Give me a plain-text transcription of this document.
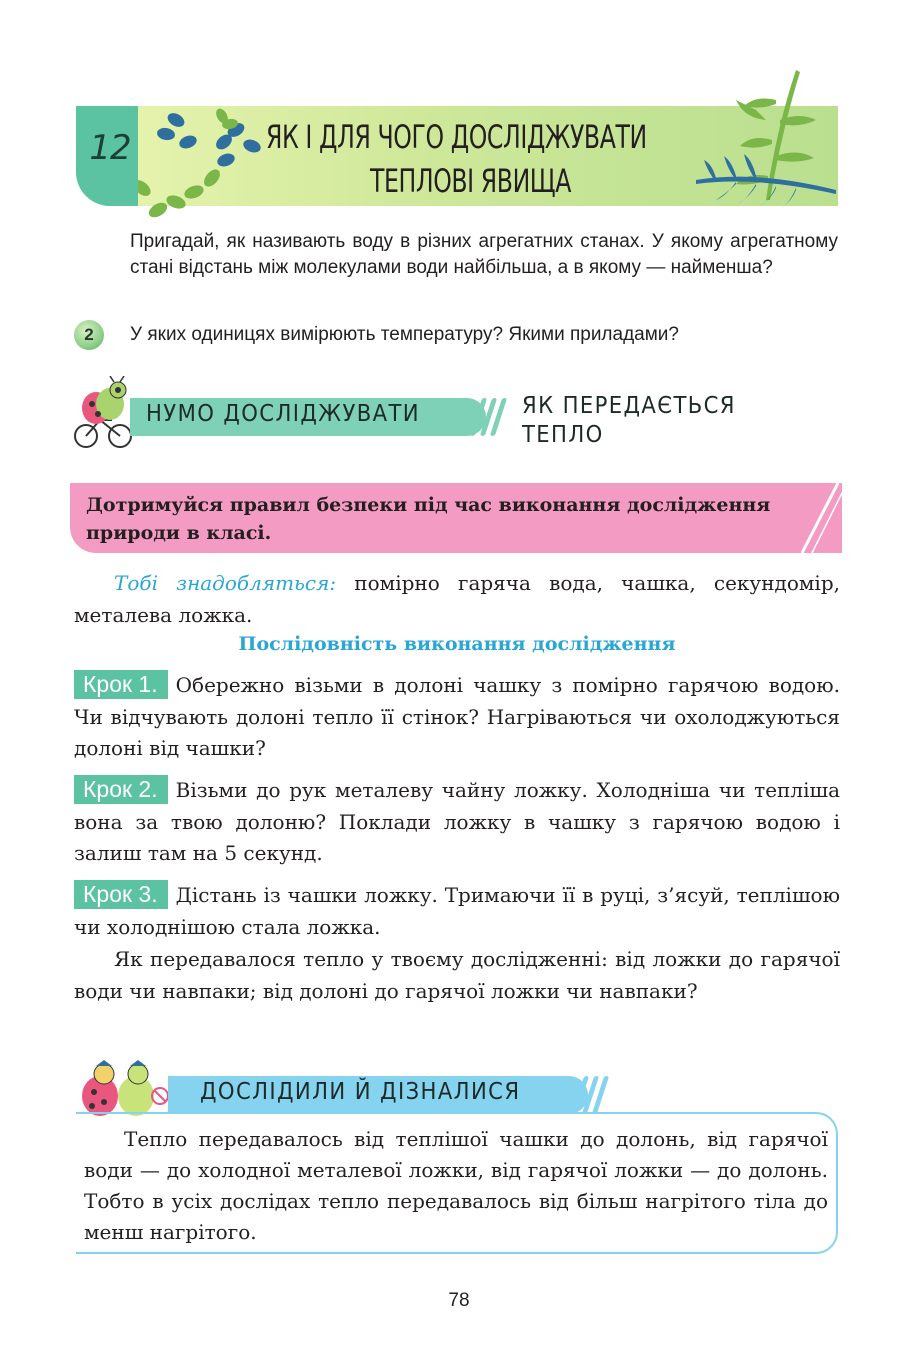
12	ЯК І ДЛЯ ЧОГО ДОСЛІДЖУВАТИ
ТЕПЛОВІ ЯВИЩА
Пригадай, як називають воду в різних агрегатних станах. У якому агрегатному стані відстань між молекулами води найбільша, а в якому — найменша?
2	У яких одиницях вимірюють температуру? Якими приладами?
НУМО ДОСЛІДЖУВАТИ	ЯК ПЕРЕДАЄТЬСЯ ТЕПЛО
Дотримуйся правил безпеки під час виконання дослідження природи в класі.
Тобі знадобляться: помірно гаряча вода, чашка, секундомір, металева ложка.
Послідовність виконання дослідження
Крок 1. Обережно візьми в долоні чашку з помірно гарячою водою. Чи відчувають долоні тепло її стінок? Нагріваються чи охолоджуються долоні від чашки?
Крок 2. Візьми до рук металеву чайну ложку. Холодніша чи тепліша вона за твою долоню? Поклади ложку в чашку з гарячою водою і залиш там на 5 секунд.
Крок 3. Дістань із чашки ложку. Тримаючи її в руці, з’ясуй, теплішою чи холоднішою стала ложка.
Як передавалося тепло у твоєму дослідженні: від ложки до гарячої води чи навпаки; від долоні до гарячої ложки чи навпаки?
ДОСЛІДИЛИ Й ДІЗНАЛИСЯ
Тепло передавалось від теплішої чашки до долонь, від гарячої води — до холодної металевої ложки, від гарячої ложки — до долонь. Тобто в усіх дослідах тепло передавалось від більш нагрітого тіла до менш нагрітого.
78
